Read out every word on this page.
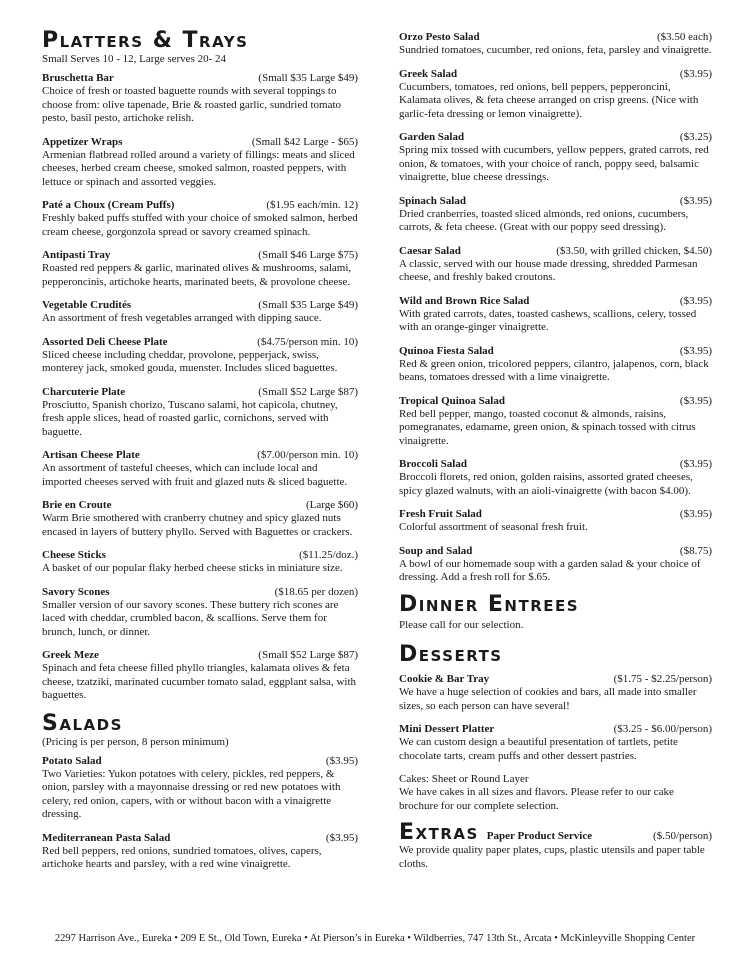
Platters & Trays
Small Serves 10 - 12, Large serves 20- 24
Bruschetta Bar	(Small $35 Large $49)
Choice of fresh or toasted baguette rounds with several toppings to choose from: olive tapenade, Brie & roasted garlic, sundried tomato pesto, basil pesto, artichoke relish.
Appetizer Wraps	(Small $42 Large - $65)
Armenian flatbread rolled around a variety of fillings: meats and sliced cheeses, herbed cream cheese, smoked salmon, roasted peppers, with lettuce or spinach and assorted veggies.
Paté a Choux (Cream Puffs)	($1.95 each/min. 12)
Freshly baked puffs stuffed with your choice of smoked salmon, herbed cream cheese, gorgonzola spread or savory creamed spinach.
Antipasti Tray	(Small $46 Large $75)
Roasted red peppers & garlic, marinated olives & mushrooms, salami, pepperoncinis, artichoke hearts, marinated beets, & provolone cheese.
Vegetable Crudités	(Small $35 Large $49)
An assortment of fresh vegetables arranged with dipping sauce.
Assorted Deli Cheese Plate	($4.75/person min. 10)
Sliced cheese including cheddar, provolone, pepperjack, swiss, monterey jack, smoked gouda, muenster. Includes sliced baguettes.
Charcuterie Plate	(Small $52 Large $87)
Prosciutto, Spanish chorizo, Tuscano salami, hot capicola, chutney, fresh apple slices, head of roasted garlic, cornichons, served with baguette.
Artisan Cheese Plate	($7.00/person min. 10)
An assortment of tasteful cheeses, which can include local and imported cheeses served with fruit and glazed nuts & sliced baguette.
Brie en Croute	(Large $60)
Warm Brie smothered with cranberry chutney and spicy glazed nuts encased in layers of buttery phyllo. Served with Baguettes or crackers.
Cheese Sticks	($11.25/doz.)
A basket of our popular flaky herbed cheese sticks in miniature size.
Savory Scones	($18.65 per dozen)
Smaller version of our savory scones. These buttery rich scones are laced with cheddar, crumbled bacon, & scallions. Serve them for brunch, lunch, or dinner.
Greek Meze	(Small $52 Large $87)
Spinach and feta cheese filled phyllo triangles, kalamata olives & feta cheese, tzatziki, marinated cucumber tomato salad, eggplant salsa, with baguettes.
Salads
(Pricing is per person, 8 person minimum)
Potato Salad	($3.95)
Two Varieties: Yukon potatoes with celery, pickles, red peppers, & onion, parsley with a mayonnaise dressing or red new potatoes with celery, red onion, capers, with or without bacon with a vinaigrette dressing.
Mediterranean Pasta Salad	($3.95)
Red bell peppers, red onions, sundried tomatoes, olives, capers, artichoke hearts and parsley, with a red wine vinaigrette.
Orzo Pesto Salad	($3.50 each)
Sundried tomatoes, cucumber, red onions, feta, parsley and vinaigrette.
Greek Salad	($3.95)
Cucumbers, tomatoes, red onions, bell peppers, pepperoncini, Kalamata olives, & feta cheese arranged on crisp greens. (Nice with garlic-feta dressing or lemon vinaigrette).
Garden Salad	($3.25)
Spring mix tossed with cucumbers, yellow peppers, grated carrots, red onion, & tomatoes, with your choice of ranch, poppy seed, balsamic vinaigrette, blue cheese dressings.
Spinach Salad	($3.95)
Dried cranberries, toasted sliced almonds, red onions, cucumbers, carrots, & feta cheese. (Great with our poppy seed dressing).
Caesar Salad	($3.50, with grilled chicken, $4.50)
A classic, served with our house made dressing, shredded Parmesan cheese, and freshly baked croutons.
Wild and Brown Rice Salad	($3.95)
With grated carrots, dates, toasted cashews, scallions, celery, tossed with an orange-ginger vinaigrette.
Quinoa Fiesta Salad	($3.95)
Red & green onion, tricolored peppers, cilantro, jalapenos, corn, black beans, tomatoes dressed with a lime vinaigrette.
Tropical Quinoa Salad	($3.95)
Red bell pepper, mango, toasted coconut & almonds, raisins, pomegranates, edamame, green onion, & spinach tossed with citrus vinaigrette.
Broccoli Salad	($3.95)
Broccoli florets, red onion, golden raisins, assorted grated cheeses, spicy glazed walnuts, with an aioli-vinaigrette (with bacon $4.00).
Fresh Fruit Salad	($3.95)
Colorful assortment of seasonal fresh fruit.
Soup and Salad	($8.75)
A bowl of our homemade soup with a garden salad & your choice of dressing. Add a fresh roll for $.65.
Dinner Entrees
Please call for our selection.
Desserts
Cookie & Bar Tray	($1.75 - $2.25/person)
We have a huge selection of cookies and bars, all made into smaller sizes, so each person can have several!
Mini Dessert Platter	($3.25 - $6.00/person)
We can custom design a beautiful presentation of tartlets, petite chocolate tarts, cream puffs and other dessert pastries.
Cakes: Sheet or Round Layer
We have cakes in all sizes and flavors. Please refer to our cake brochure for our complete selection.
Extras Paper Product Service	($.50/person)
We provide quality paper plates, cups, plastic utensils and paper table cloths.
2297 Harrison Ave., Eureka • 209 E St., Old Town, Eureka • At Pierson’s in Eureka • Wildberries, 747 13th St., Arcata • McKinleyville Shopping Center
